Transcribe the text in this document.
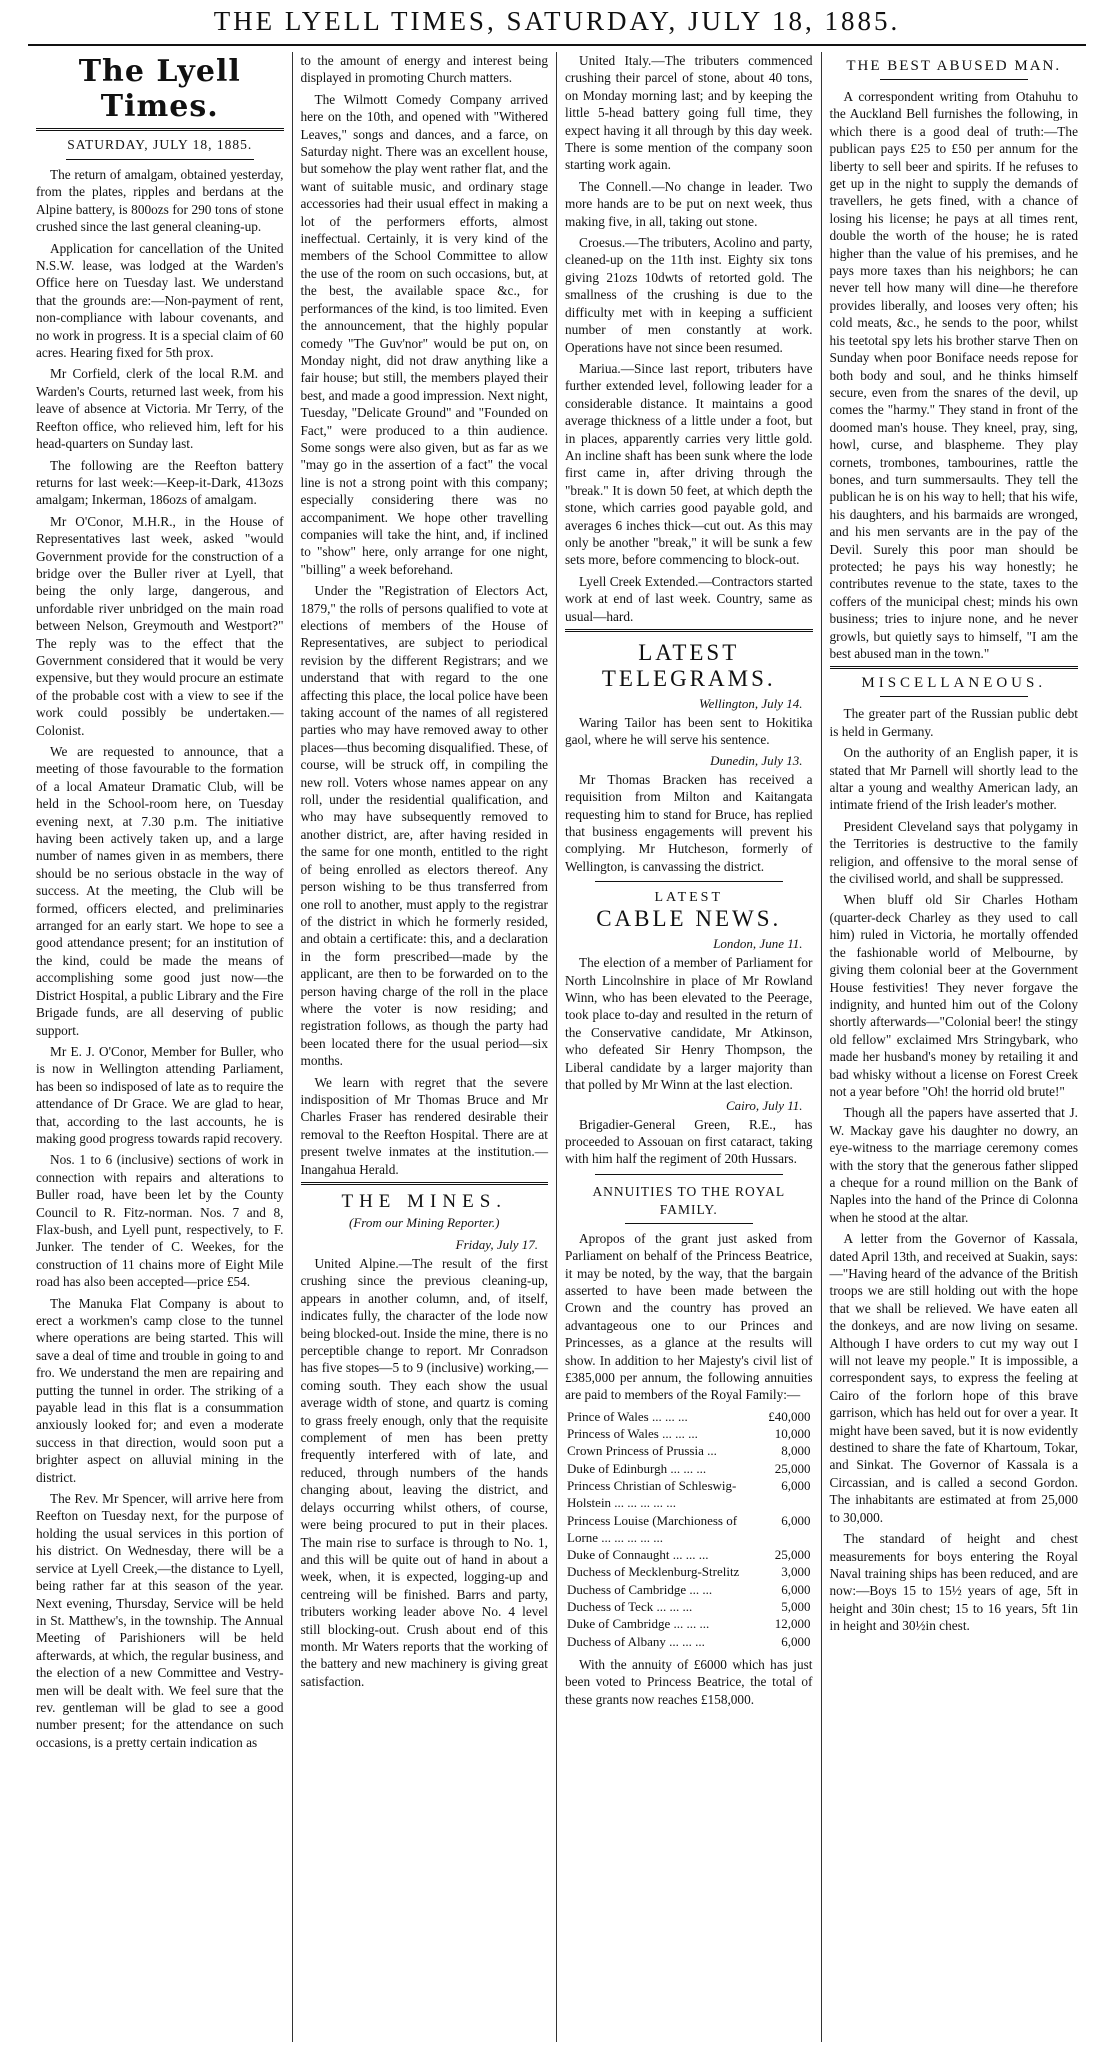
THE LYELL TIMES, SATURDAY, JULY 18, 1885.
The Lyell Times.
SATURDAY, JULY 18, 1885.

The return of amalgam, obtained yesterday, from the plates, ripples and berdans at the Alpine battery, is 800ozs for 290 tons of stone crushed since the last general cleaning-up.

Application for cancellation of the United N.S.W. lease, was lodged at the Warden's Office here on Tuesday last. We understand that the grounds are:—Non-payment of rent, non-compliance with labour covenants, and no work in progress. It is a special claim of 60 acres. Hearing fixed for 5th prox.

Mr Corfield, clerk of the local R.M. and Warden's Courts, returned last week, from his leave of absence at Victoria. Mr Terry, of the Reefton office, who relieved him, left for his head-quarters on Sunday last.

The following are the Reefton battery returns for last week:—Keep-it-Dark, 413ozs amalgam; Inkerman, 186ozs of amalgam.

Mr O'Conor, M.H.R., in the House of Representatives last week, asked "would Government provide for the construction of a bridge over the Buller river at Lyell, that being the only large, dangerous, and unfordable river unbridged on the main road between Nelson, Greymouth and Westport?" The reply was to the effect that the Government considered that it would be very expensive, but they would procure an estimate of the probable cost with a view to see if the work could possibly be undertaken.—Colonist.

We are requested to announce, that a meeting of those favourable to the formation of a local Amateur Dramatic Club, will be held in the School-room here, on Tuesday evening next, at 7.30 p.m. The initiative having been actively taken up, and a large number of names given in as members, there should be no serious obstacle in the way of success. At the meeting, the Club will be formed, officers elected, and preliminaries arranged for an early start. We hope to see a good attendance present; for an institution of the kind, could be made the means of accomplishing some good just now—the District Hospital, a public Library and the Fire Brigade funds, are all deserving of public support.

Mr E. J. O'Conor, Member for Buller, who is now in Wellington attending Parliament, has been so indisposed of late as to require the attendance of Dr Grace. We are glad to hear, that, according to the last accounts, he is making good progress towards rapid recovery.

Nos. 1 to 6 (inclusive) sections of work in connection with repairs and alterations to Buller road, have been let by the County Council to R. Fitz-norman. Nos. 7 and 8, Flax-bush, and Lyell punt, respectively, to F. Junker. The tender of C. Weekes, for the construction of 11 chains more of Eight Mile road has also been accepted—price £54.

The Manuka Flat Company is about to erect a workmen's camp close to the tunnel where operations are being started. This will save a deal of time and trouble in going to and fro. We understand the men are repairing and putting the tunnel in order. The striking of a payable lead in this flat is a consummation anxiously looked for; and even a moderate success in that direction, would soon put a brighter aspect on alluvial mining in the district.

The Rev. Mr Spencer, will arrive here from Reefton on Tuesday next, for the purpose of holding the usual services in this portion of his district. On Wednesday, there will be a service at Lyell Creek,—the distance to Lyell, being rather far at this season of the year. Next evening, Thursday, Service will be held in St. Matthew's, in the township. The Annual Meeting of Parishioners will be held afterwards, at which, the regular business, and the election of a new Committee and Vestry-men will be dealt with. We feel sure that the rev. gentleman will be glad to see a good number present; for the attendance on such occasions, is a pretty certain indication as

to the amount of energy and interest being displayed in promoting Church matters.

The Wilmott Comedy Company arrived here on the 10th, and opened with "Withered Leaves," songs and dances, and a farce, on Saturday night. There was an excellent house, but somehow the play went rather flat, and the want of suitable music, and ordinary stage accessories had their usual effect in making a lot of the performers efforts, almost ineffectual. Certainly, it is very kind of the members of the School Committee to allow the use of the room on such occasions, but, at the best, the available space &c., for performances of the kind, is too limited. Even the announcement, that the highly popular comedy "The Guv'nor" would be put on, on Monday night, did not draw anything like a fair house; but still, the members played their best, and made a good impression. Next night, Tuesday, "Delicate Ground" and "Founded on Fact," were produced to a thin audience. Some songs were also given, but as far as we "may go in the assertion of a fact" the vocal line is not a strong point with this company; especially considering there was no accompaniment. We hope other travelling companies will take the hint, and, if inclined to "show" here, only arrange for one night, "billing" a week beforehand.

Under the "Registration of Electors Act, 1879," the rolls of persons qualified to vote at elections of members of the House of Representatives, are subject to periodical revision by the different Registrars; and we understand that with regard to the one affecting this place, the local police have been taking account of the names of all registered parties who may have removed away to other places—thus becoming disqualified. These, of course, will be struck off, in compiling the new roll. Voters whose names appear on any roll, under the residential qualification, and who may have subsequently removed to another district, are, after having resided in the same for one month, entitled to the right of being enrolled as electors thereof. Any person wishing to be thus transferred from one roll to another, must apply to the registrar of the district in which he formerly resided, and obtain a certificate: this, and a declaration in the form prescribed—made by the applicant, are then to be forwarded on to the person having charge of the roll in the place where the voter is now residing; and registration follows, as though the party had been located there for the usual period—six months.

We learn with regret that the severe indisposition of Mr Thomas Bruce and Mr Charles Fraser has rendered desirable their removal to the Reefton Hospital. There are at present twelve inmates at the institution.—Inangahua Herald.

THE MINES.
(From our Mining Reporter.)
Friday, July 17.

United Alpine.—The result of the first crushing since the previous cleaning-up, appears in another column, and, of itself, indicates fully, the character of the lode now being blocked-out. Inside the mine, there is no perceptible change to report. Mr Conradson has five stopes—5 to 9 (inclusive) working,—coming south. They each show the usual average width of stone, and quartz is coming to grass freely enough, only that the requisite complement of men has been pretty frequently interfered with of late, and reduced, through numbers of the hands changing about, leaving the district, and delays occurring whilst others, of course, were being procured to put in their places. The main rise to surface is through to No. 1, and this will be quite out of hand in about a week, when, it is expected, logging-up and centreing will be finished. Barrs and party, tributers working leader above No. 4 level still blocking-out. Crush about end of this month. Mr Waters reports that the working of the battery and new machinery is giving great satisfaction.

United Italy.—The tributers commenced crushing their parcel of stone, about 40 tons, on Monday morning last; and by keeping the little 5-head battery going full time, they expect having it all through by this day week. There is some mention of the company soon starting work again.

The Connell.—No change in leader. Two more hands are to be put on next week, thus making five, in all, taking out stone.

Croesus.—The tributers, Acolino and party, cleaned-up on the 11th inst. Eighty six tons giving 21ozs 10dwts of retorted gold. The smallness of the crushing is due to the difficulty met with in keeping a sufficient number of men constantly at work. Operations have not since been resumed.

Mariua.—Since last report, tributers have further extended level, following leader for a considerable distance. It maintains a good average thickness of a little under a foot, but in places, apparently carries very little gold. An incline shaft has been sunk where the lode first came in, after driving through the "break." It is down 50 feet, at which depth the stone, which carries good payable gold, and averages 6 inches thick—cut out. As this may only be another "break," it will be sunk a few sets more, before commencing to block-out.

Lyell Creek Extended.—Contractors started work at end of last week. Country, same as usual—hard.

LATEST TELEGRAMS.
Wellington, July 14.

Waring Tailor has been sent to Hokitika gaol, where he will serve his sentence.

Dunedin, July 13.

Mr Thomas Bracken has received a requisition from Milton and Kaitangata requesting him to stand for Bruce, has replied that business engagements will prevent his complying. Mr Hutcheson, formerly of Wellington, is canvassing the district.

LATEST
CABLE NEWS.
London, June 11.

The election of a member of Parliament for North Lincolnshire in place of Mr Rowland Winn, who has been elevated to the Peerage, took place to-day and resulted in the return of the Conservative candidate, Mr Atkinson, who defeated Sir Henry Thompson, the Liberal candidate by a larger majority than that polled by Mr Winn at the last election.

Cairo, July 11.

Brigadier-General Green, R.E., has proceeded to Assouan on first cataract, taking with him half the regiment of 20th Hussars.

ANNUITIES TO THE ROYAL FAMILY.

Apropos of the grant just asked from Parliament on behalf of the Princess Beatrice, it may be noted, by the way, that the bargain asserted to have been made between the Crown and the country has proved an advantageous one to our Princes and Princesses, as a glance at the results will show. In addition to her Majesty's civil list of £385,000 per annum, the following annuities are paid to members of the Royal Family:—

Prince of Wales ... ... ...	£40,000
Princess of Wales ... ... ...	10,000
Crown Princess of Prussia ...	8,000
Duke of Edinburgh ... ... ...	25,000
Princess Christian of Schleswig-Holstein ... ... ... ... ...	6,000
Princess Louise (Marchioness of Lorne ... ... ... ... ...	6,000
Duke of Connaught ... ... ...	25,000
Duchess of Mecklenburg-Strelitz	3,000
Duchess of Cambridge ... ...	6,000
Duchess of Teck ... ... ...	5,000
Duke of Cambridge ... ... ...	12,000
Duchess of Albany ... ... ...	6,000

With the annuity of £6000 which has just been voted to Princess Beatrice, the total of these grants now reaches £158,000.

THE BEST ABUSED MAN.

A correspondent writing from Otahuhu to the Auckland Bell furnishes the following, in which there is a good deal of truth:—The publican pays £25 to £50 per annum for the liberty to sell beer and spirits. If he refuses to get up in the night to supply the demands of travellers, he gets fined, with a chance of losing his license; he pays at all times rent, double the worth of the house; he is rated higher than the value of his premises, and he pays more taxes than his neighbors; he can never tell how many will dine—he therefore provides liberally, and looses very often; his cold meats, &c., he sends to the poor, whilst his teetotal spy lets his brother starve Then on Sunday when poor Boniface needs repose for both body and soul, and he thinks himself secure, even from the snares of the devil, up comes the "harmy." They stand in front of the doomed man's house. They kneel, pray, sing, howl, curse, and blaspheme. They play cornets, trombones, tambourines, rattle the bones, and turn summersaults. They tell the publican he is on his way to hell; that his wife, his daughters, and his barmaids are wronged, and his men servants are in the pay of the Devil. Surely this poor man should be protected; he pays his way honestly; he contributes revenue to the state, taxes to the coffers of the municipal chest; minds his own business; tries to injure none, and he never growls, but quietly says to himself, "I am the best abused man in the town."

MISCELLANEOUS.

The greater part of the Russian public debt is held in Germany.

On the authority of an English paper, it is stated that Mr Parnell will shortly lead to the altar a young and wealthy American lady, an intimate friend of the Irish leader's mother.

President Cleveland says that polygamy in the Territories is destructive to the family religion, and offensive to the moral sense of the civilised world, and shall be suppressed.

When bluff old Sir Charles Hotham (quarter-deck Charley as they used to call him) ruled in Victoria, he mortally offended the fashionable world of Melbourne, by giving them colonial beer at the Government House festivities! They never forgave the indignity, and hunted him out of the Colony shortly afterwards—"Colonial beer! the stingy old fellow" exclaimed Mrs Stringybark, who made her husband's money by retailing it and bad whisky without a license on Forest Creek not a year before "Oh! the horrid old brute!"

Though all the papers have asserted that J. W. Mackay gave his daughter no dowry, an eye-witness to the marriage ceremony comes with the story that the generous father slipped a cheque for a round million on the Bank of Naples into the hand of the Prince di Colonna when he stood at the altar.

A letter from the Governor of Kassala, dated April 13th, and received at Suakin, says:—"Having heard of the advance of the British troops we are still holding out with the hope that we shall be relieved. We have eaten all the donkeys, and are now living on sesame. Although I have orders to cut my way out I will not leave my people." It is impossible, a correspondent says, to express the feeling at Cairo of the forlorn hope of this brave garrison, which has held out for over a year. It might have been saved, but it is now evidently destined to share the fate of Khartoum, Tokar, and Sinkat. The Governor of Kassala is a Circassian, and is called a second Gordon. The inhabitants are estimated at from 25,000 to 30,000.

The standard of height and chest measurements for boys entering the Royal Naval training ships has been reduced, and are now:—Boys 15 to 15½ years of age, 5ft in height and 30in chest; 15 to 16 years, 5ft 1in in height and 30½in chest.
